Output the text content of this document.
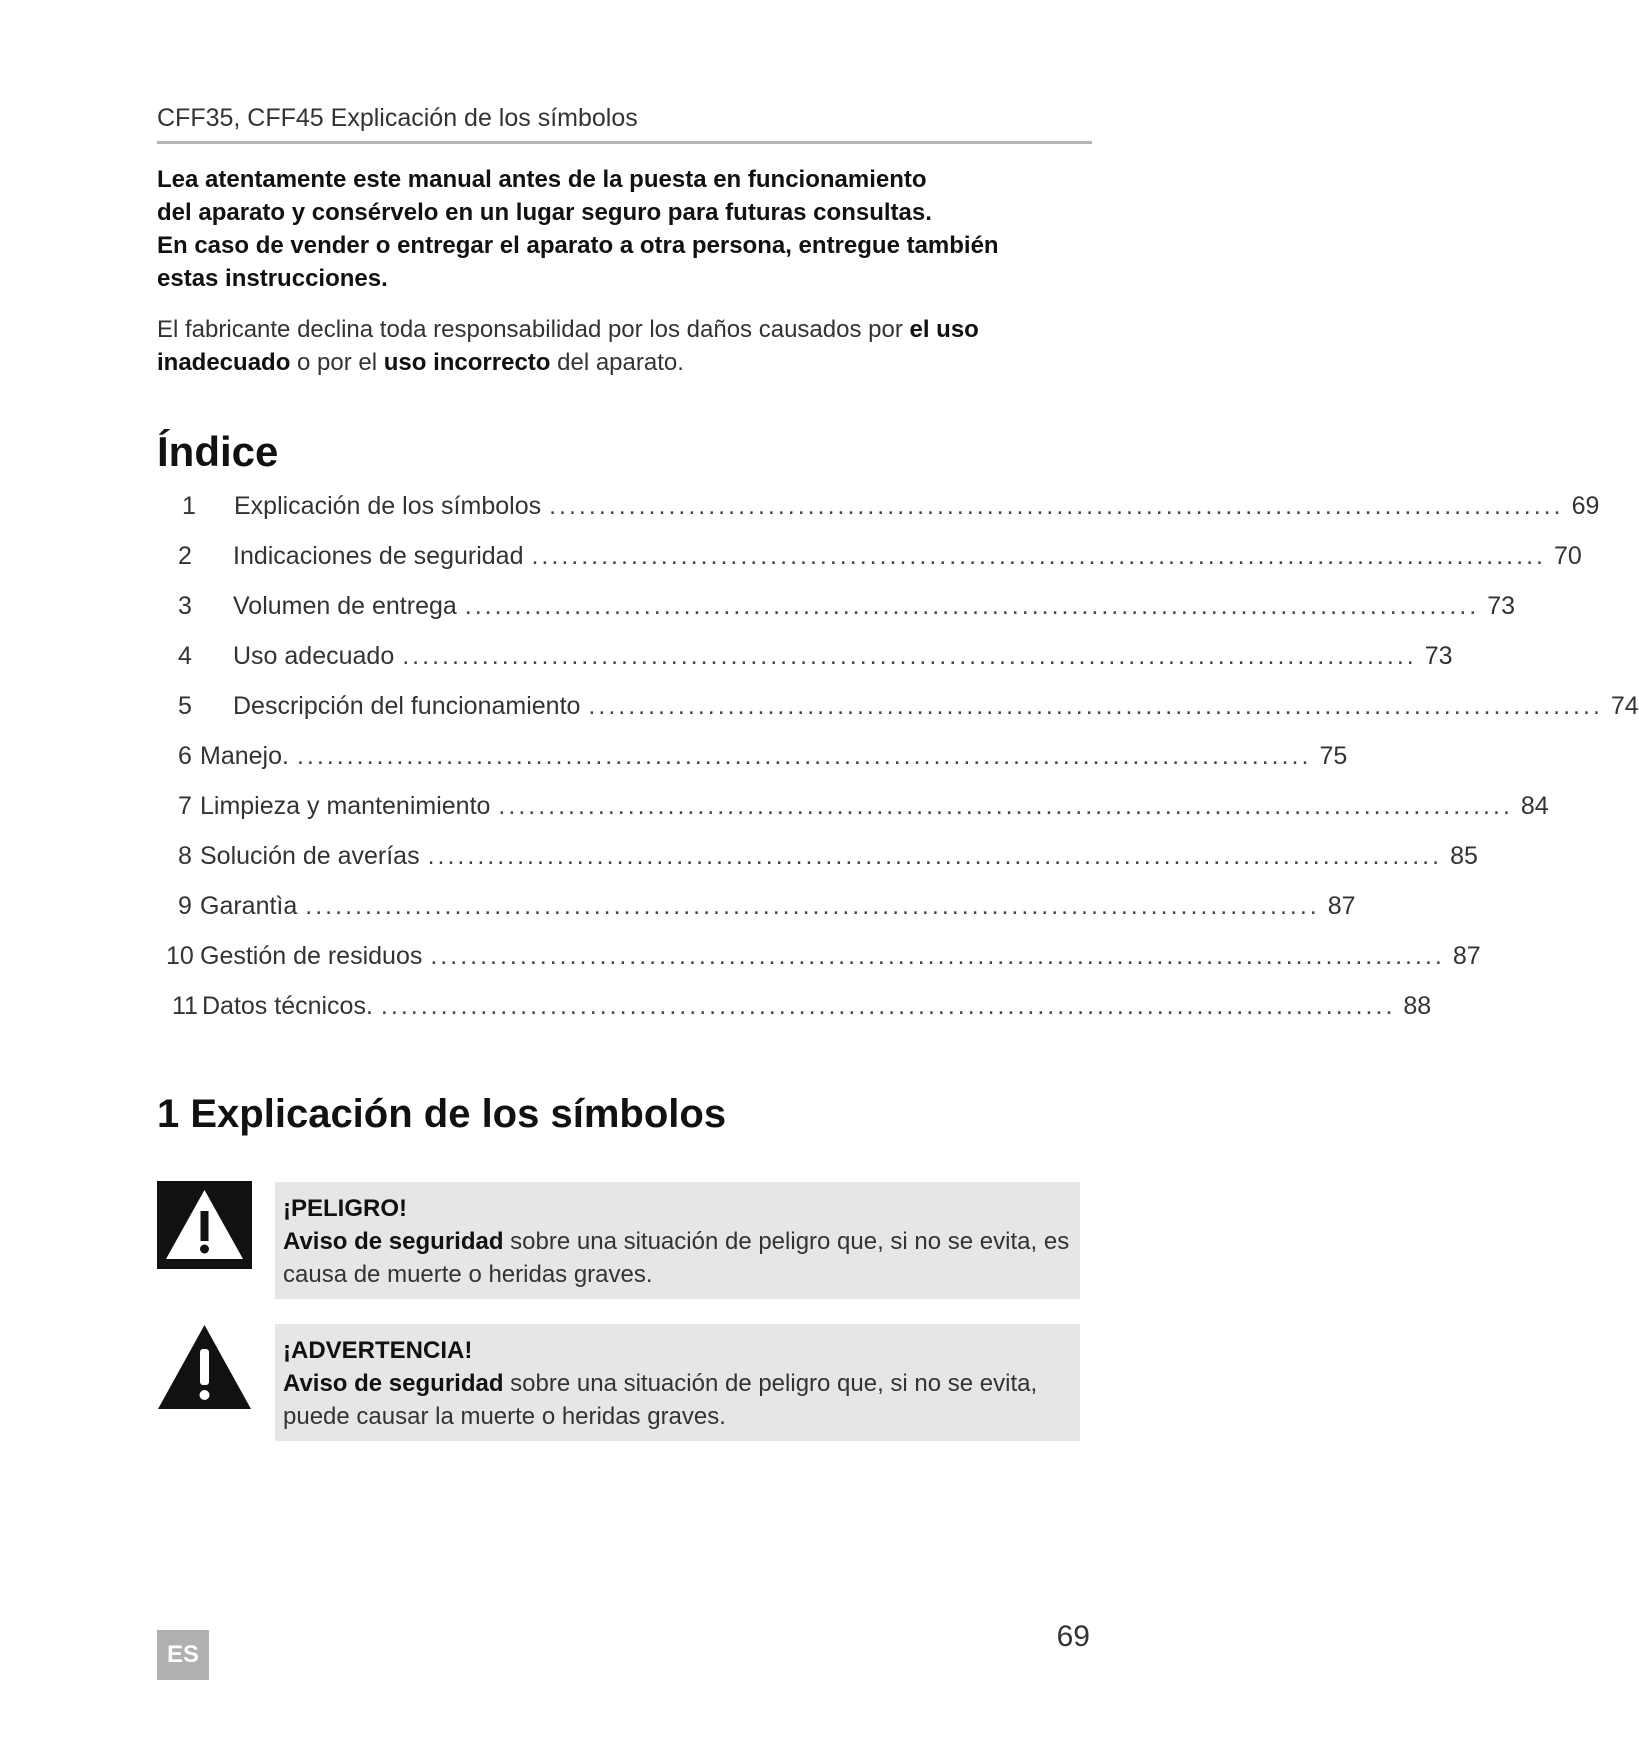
CFF35, CFF45 Explicación de los símbolos
Lea atentamente este manual antes de la puesta en funcionamiento
del aparato y consérvelo en un lugar seguro para futuras consultas.
En caso de vender o entregar el aparato a otra persona, entregue también
estas instrucciones.
El fabricante declina toda responsabilidad por los daños causados por el uso inadecuado o por el uso incorrecto del aparato.
Índice
1	Explicación de los símbolos ...................................................................................................... 69
2	Indicaciones de seguridad ...................................................................................................... 70
3	Volumen de entrega ...................................................................................................... 73
4	Uso adecuado ...................................................................................................... 73
5	Descripción del funcionamiento ...................................................................................................... 74
6 Manejo. ...................................................................................................... 75
7 Limpieza y mantenimiento ...................................................................................................... 84
8 Solución de averías ...................................................................................................... 85
9 Garantìa ...................................................................................................... 87
10 Gestión de residuos ...................................................................................................... 87
11 Datos técnicos. ...................................................................................................... 88
1 Explicación de los símbolos
¡PELIGRO!
Aviso de seguridad sobre una situación de peligro que, si no se evita, es causa de muerte o heridas graves.
¡ADVERTENCIA!
Aviso de seguridad sobre una situación de peligro que, si no se evita, puede causar la muerte o heridas graves.
ES
69
